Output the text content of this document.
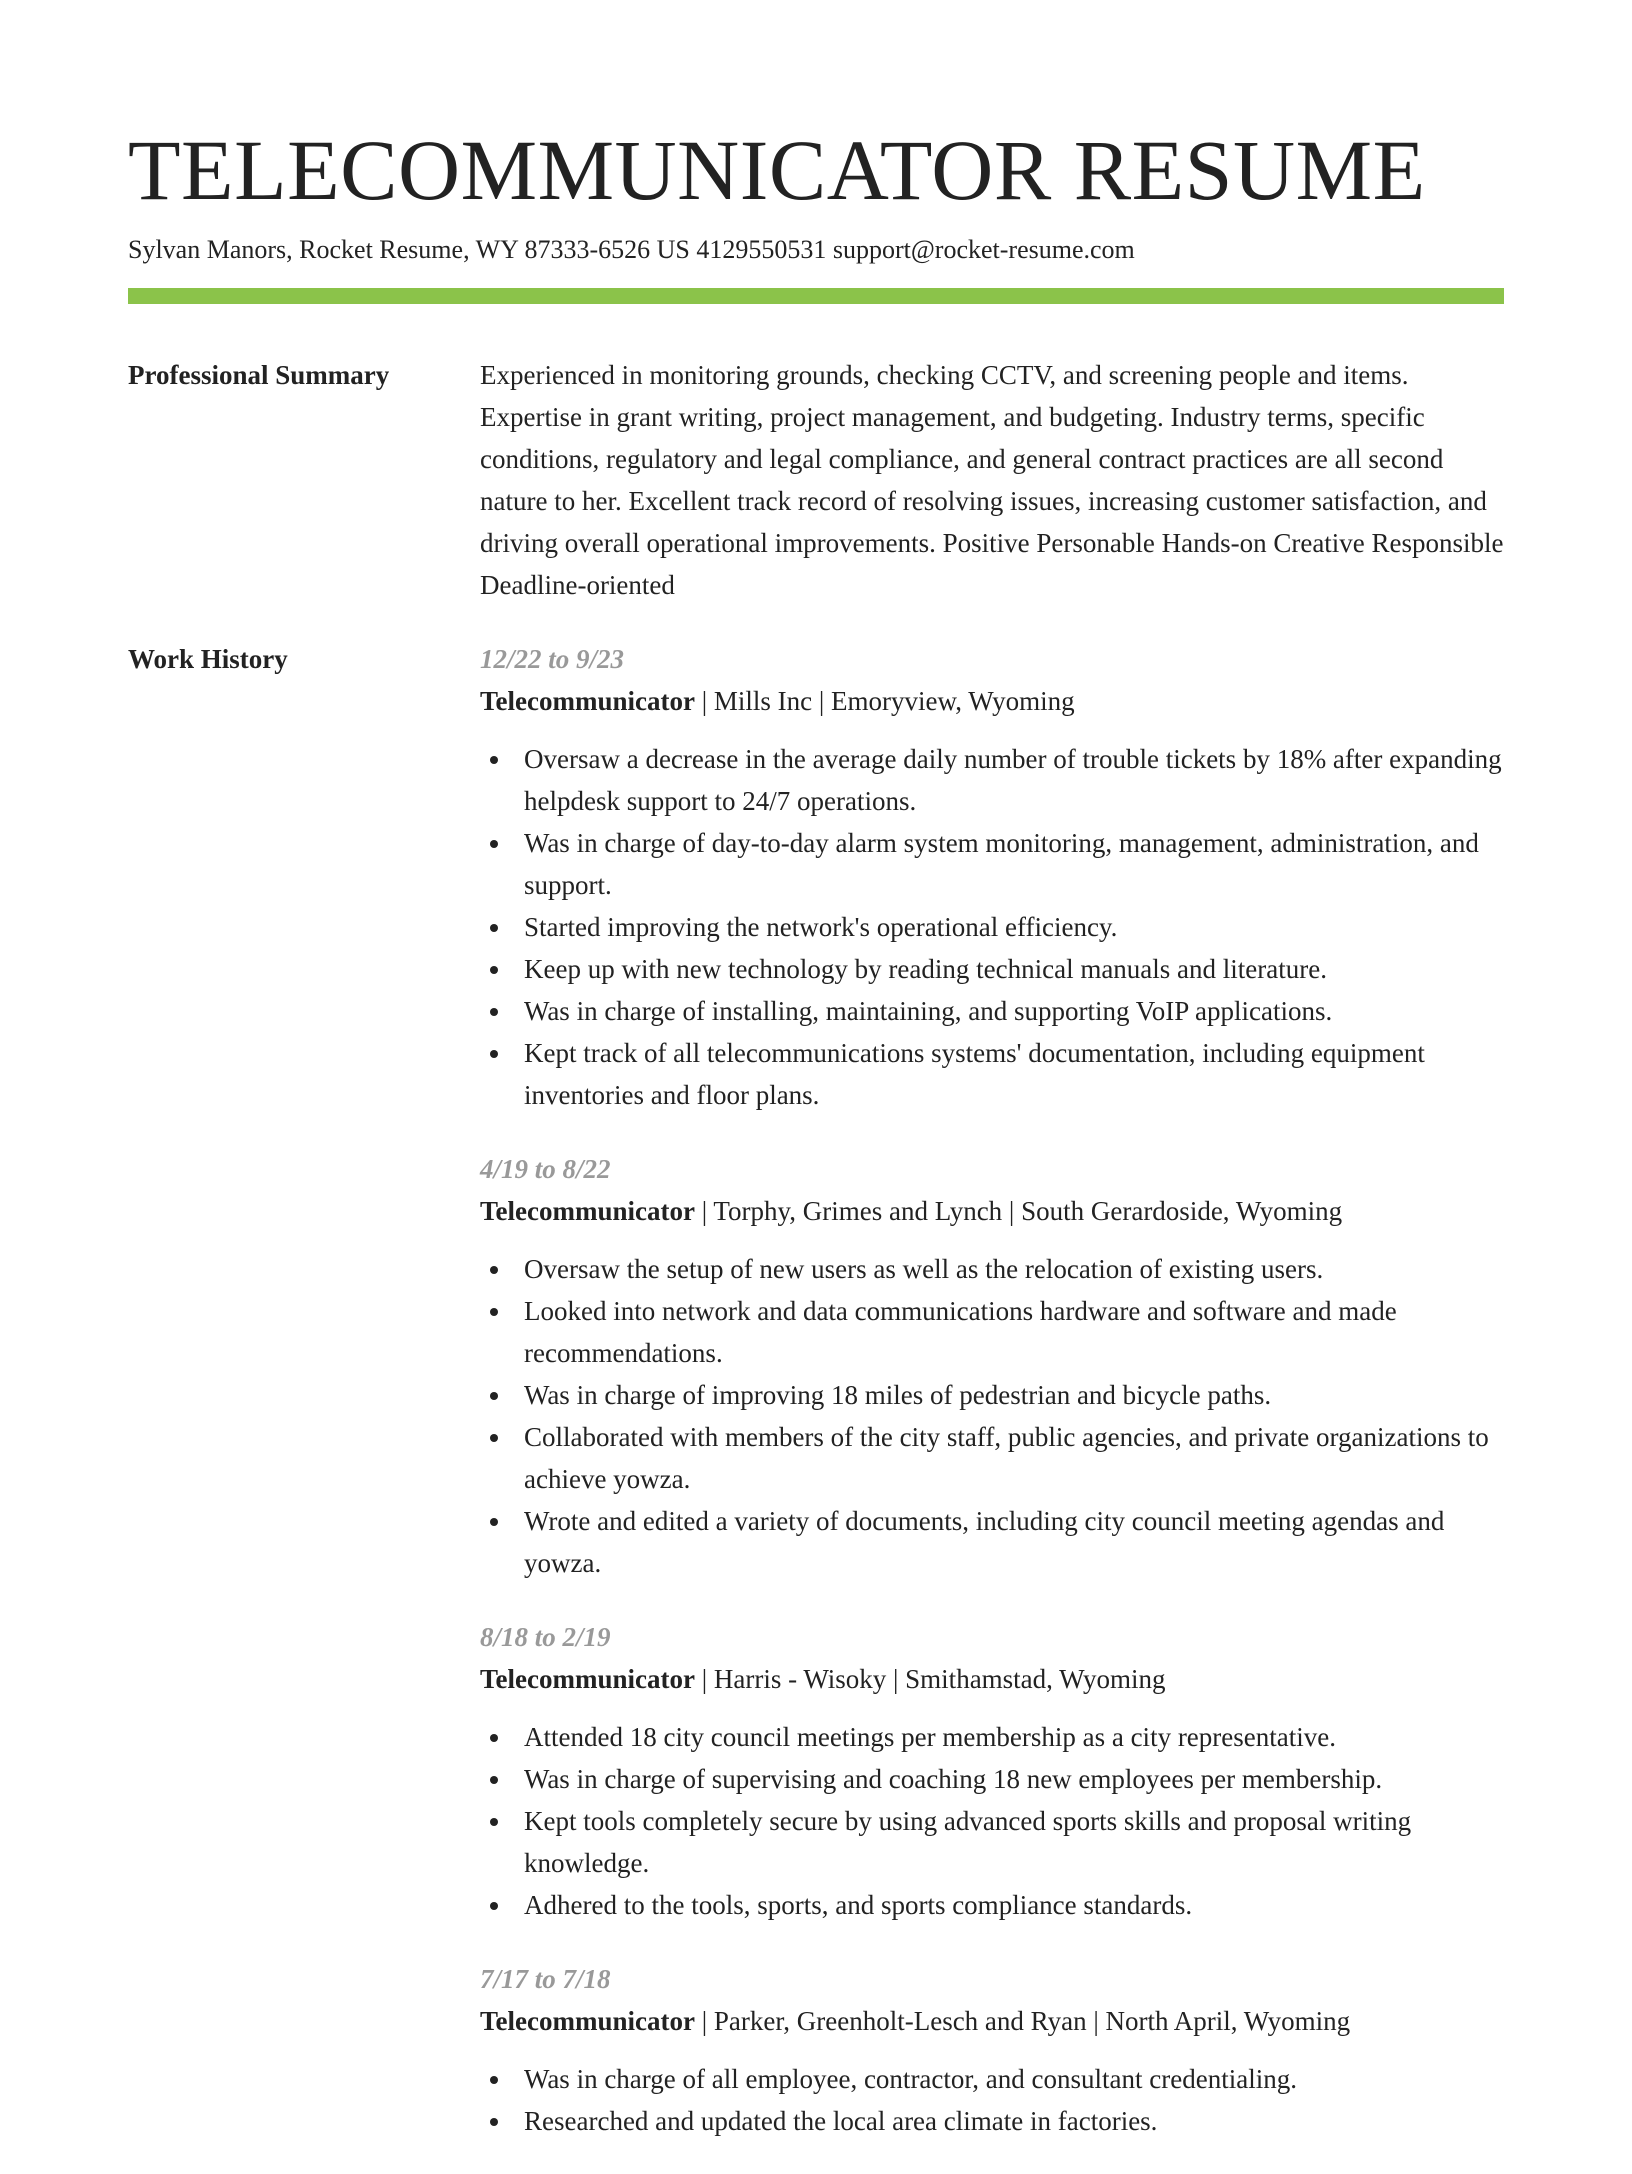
TELECOMMUNICATOR RESUME
Sylvan Manors, Rocket Resume, WY 87333-6526 US 4129550531 support@rocket-resume.com
Professional Summary	Experienced in monitoring grounds, checking CCTV, and screening people and items. Expertise in grant writing, project management, and budgeting. Industry terms, specific conditions, regulatory and legal compliance, and general contract practices are all second nature to her. Excellent track record of resolving issues, increasing customer satisfaction, and driving overall operational improvements. Positive Personable Hands-on Creative Responsible Deadline-oriented

Work History	12/22 to 9/23
Telecommunicator | Mills Inc | Emoryview, Wyoming
Oversaw a decrease in the average daily number of trouble tickets by 18% after expanding helpdesk support to 24/7 operations.
Was in charge of day-to-day alarm system monitoring, management, administration, and support.
Started improving the network's operational efficiency.
Keep up with new technology by reading technical manuals and literature.
Was in charge of installing, maintaining, and supporting VoIP applications.
Kept track of all telecommunications systems' documentation, including equipment inventories and floor plans.
4/19 to 8/22
Telecommunicator | Torphy, Grimes and Lynch | South Gerardoside, Wyoming
Oversaw the setup of new users as well as the relocation of existing users.
Looked into network and data communications hardware and software and made recommendations.
Was in charge of improving 18 miles of pedestrian and bicycle paths.
Collaborated with members of the city staff, public agencies, and private organizations to achieve yowza.
Wrote and edited a variety of documents, including city council meeting agendas and yowza.
8/18 to 2/19
Telecommunicator | Harris - Wisoky | Smithamstad, Wyoming
Attended 18 city council meetings per membership as a city representative.
Was in charge of supervising and coaching 18 new employees per membership.
Kept tools completely secure by using advanced sports skills and proposal writing knowledge.
Adhered to the tools, sports, and sports compliance standards.
7/17 to 7/18
Telecommunicator | Parker, Greenholt-Lesch and Ryan | North April, Wyoming
Was in charge of all employee, contractor, and consultant credentialing.
Researched and updated the local area climate in factories.
